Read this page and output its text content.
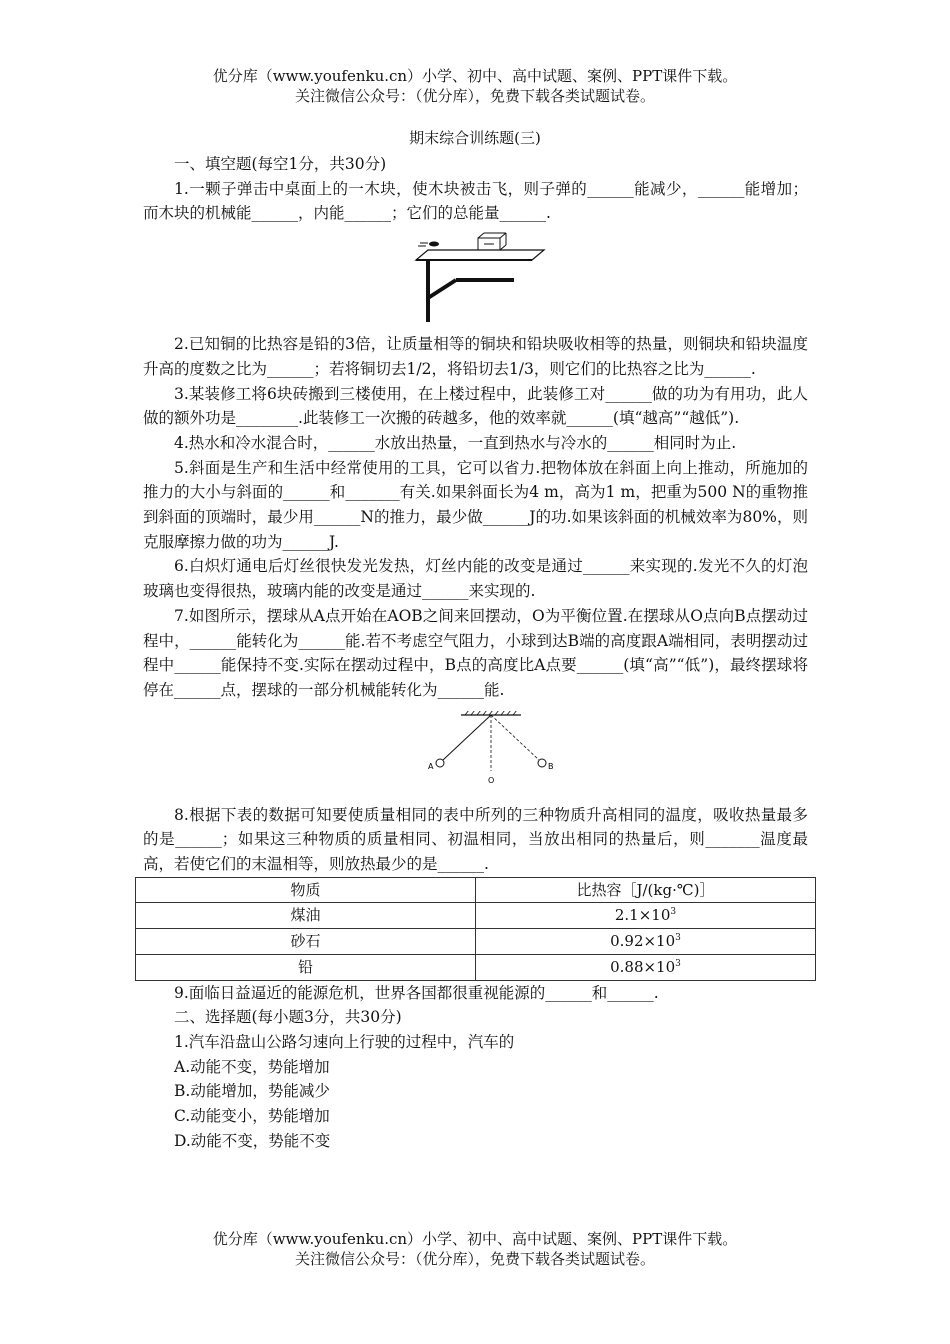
优分库（www.youfenku.cn）小学、初中、高中试题、案例、PPT课件下载。
关注微信公众号：（优分库），免费下载各类试题试卷。
期末综合训练题(三)

一、填空题(每空1分，共30分)

1.一颗子弹击中桌面上的一木块，使木块被击飞，则子弹的______能减少，______能增加；而木块的机械能______，内能______；它们的总能量______.

2.已知铜的比热容是铅的3倍，让质量相等的铜块和铅块吸收相等的热量，则铜块和铅块温度升高的度数之比为______；若将铜切去1/2，将铅切去1/3，则它们的比热容之比为______.

3.某装修工将6块砖搬到三楼使用，在上楼过程中，此装修工对______做的功为有用功，此人做的额外功是________.此装修工一次搬的砖越多，他的效率就______(填“越高”“越低”).

4.热水和冷水混合时，______水放出热量，一直到热水与冷水的______相同时为止.

5.斜面是生产和生活中经常使用的工具，它可以省力.把物体放在斜面上向上推动，所施加的推力的大小与斜面的______和_______有关.如果斜面长为4 m，高为1 m，把重为500 N的重物推到斜面的顶端时，最少用______N的推力，最少做______J的功.如果该斜面的机械效率为80%，则克服摩擦力做的功为______J.

6.白炽灯通电后灯丝很快发光发热，灯丝内能的改变是通过______来实现的.发光不久的灯泡玻璃也变得很热，玻璃内能的改变是通过______来实现的.

7.如图所示，摆球从A点开始在AOB之间来回摆动，O为平衡位置.在摆球从O点向B点摆动过程中，______能转化为______能.若不考虑空气阻力，小球到达B端的高度跟A端相同，表明摆动过程中______能保持不变.实际在摆动过程中，B点的高度比A点要______(填“高”“低”)，最终摆球将停在______点，摆球的一部分机械能转化为______能.

A
O
B

8.根据下表的数据可知要使质量相同的表中所列的三种物质升高相同的温度，吸收热量最多的是______；如果这三种物质的质量相同、初温相同，当放出相同的热量后，则_______温度最高，若使它们的末温相等，则放热最少的是______.

物质	比热容［J/(kg·℃)］
煤油	$2.1\times 10^3$
砂石	$0.92\times 10^3$
铅	$0.88\times 10^3$

9.面临日益逼近的能源危机，世界各国都很重视能源的______和______.

二、选择题(每小题3分，共30分)

1.汽车沿盘山公路匀速向上行驶的过程中，汽车的

A.动能不变，势能增加

B.动能增加，势能减少

C.动能变小，势能增加

D.动能不变，势能不变

优分库（www.youfenku.cn）小学、初中、高中试题、案例、PPT课件下载。
关注微信公众号：（优分库），免费下载各类试题试卷。
